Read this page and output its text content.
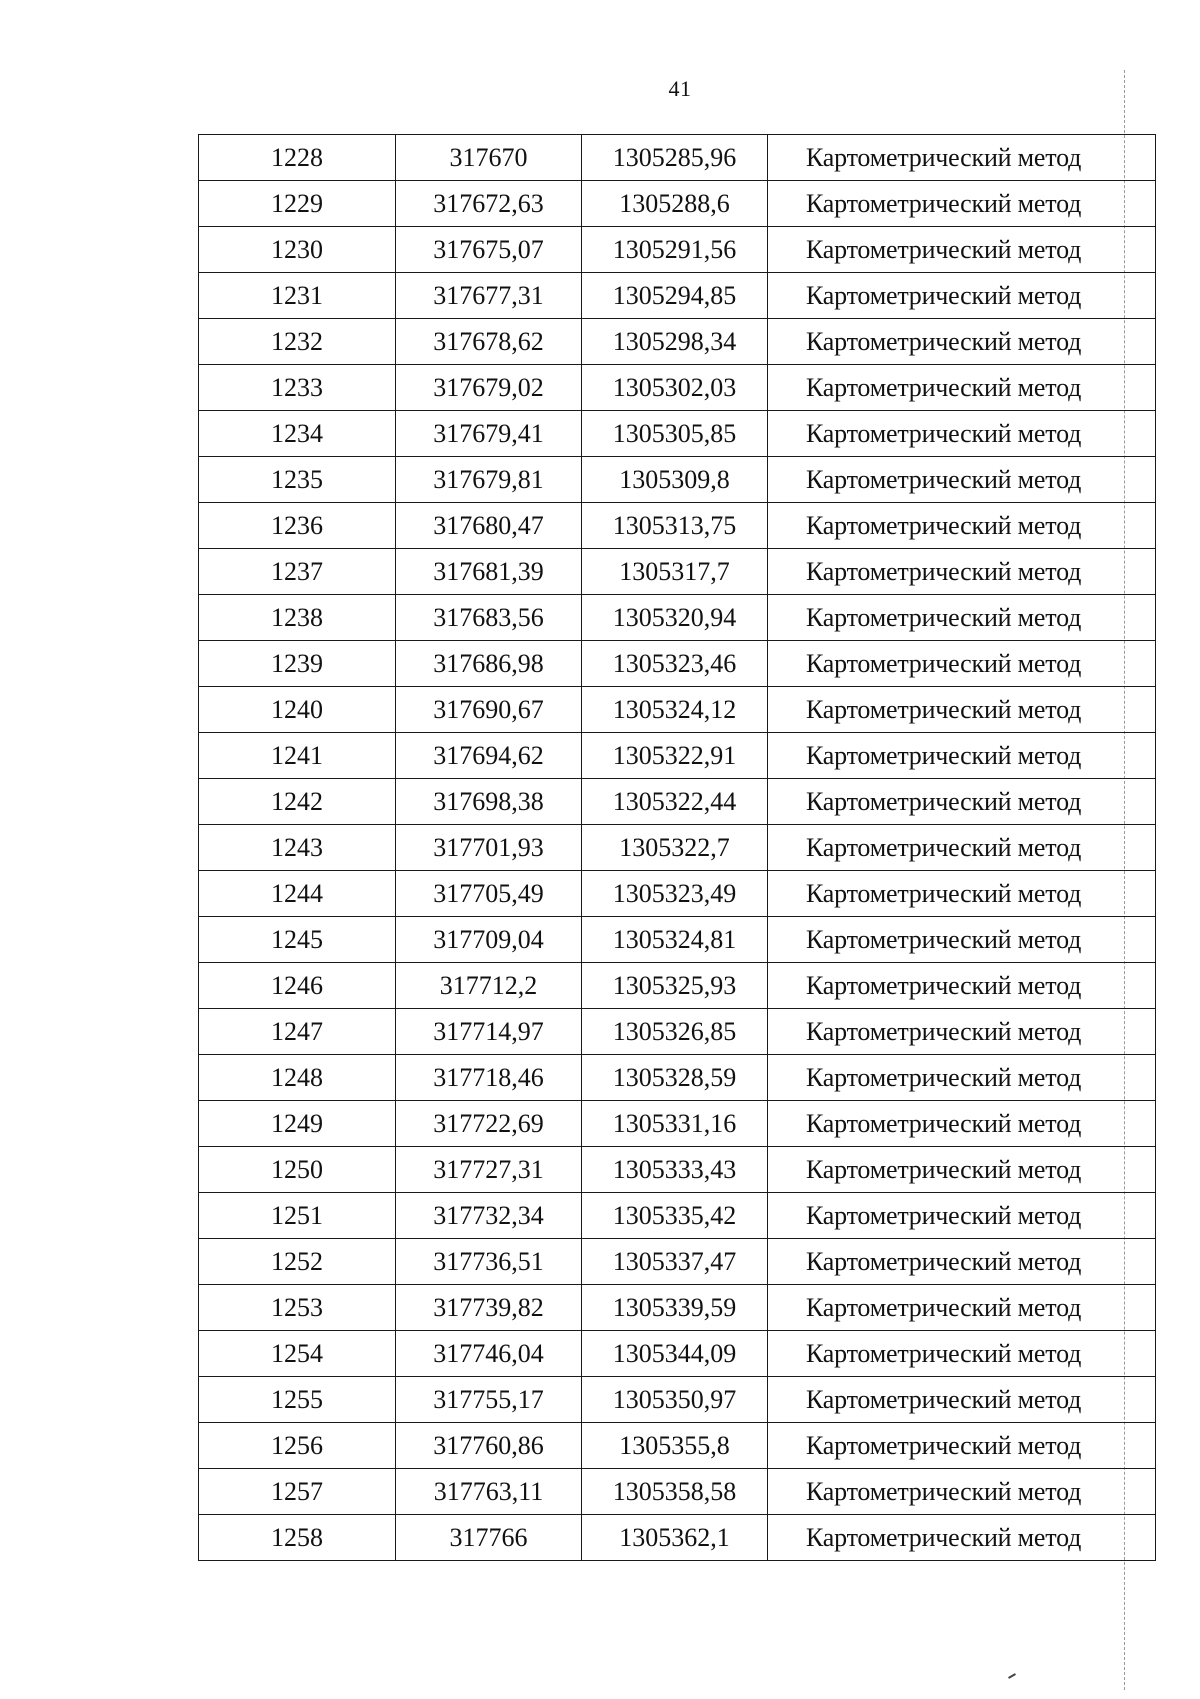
41
1228	317670	1305285,96	Картометрический метод
1229	317672,63	1305288,6	Картометрический метод
1230	317675,07	1305291,56	Картометрический метод
1231	317677,31	1305294,85	Картометрический метод
1232	317678,62	1305298,34	Картометрический метод
1233	317679,02	1305302,03	Картометрический метод
1234	317679,41	1305305,85	Картометрический метод
1235	317679,81	1305309,8	Картометрический метод
1236	317680,47	1305313,75	Картометрический метод
1237	317681,39	1305317,7	Картометрический метод
1238	317683,56	1305320,94	Картометрический метод
1239	317686,98	1305323,46	Картометрический метод
1240	317690,67	1305324,12	Картометрический метод
1241	317694,62	1305322,91	Картометрический метод
1242	317698,38	1305322,44	Картометрический метод
1243	317701,93	1305322,7	Картометрический метод
1244	317705,49	1305323,49	Картометрический метод
1245	317709,04	1305324,81	Картометрический метод
1246	317712,2	1305325,93	Картометрический метод
1247	317714,97	1305326,85	Картометрический метод
1248	317718,46	1305328,59	Картометрический метод
1249	317722,69	1305331,16	Картометрический метод
1250	317727,31	1305333,43	Картометрический метод
1251	317732,34	1305335,42	Картометрический метод
1252	317736,51	1305337,47	Картометрический метод
1253	317739,82	1305339,59	Картометрический метод
1254	317746,04	1305344,09	Картометрический метод
1255	317755,17	1305350,97	Картометрический метод
1256	317760,86	1305355,8	Картометрический метод
1257	317763,11	1305358,58	Картометрический метод
1258	317766	1305362,1	Картометрический метод
